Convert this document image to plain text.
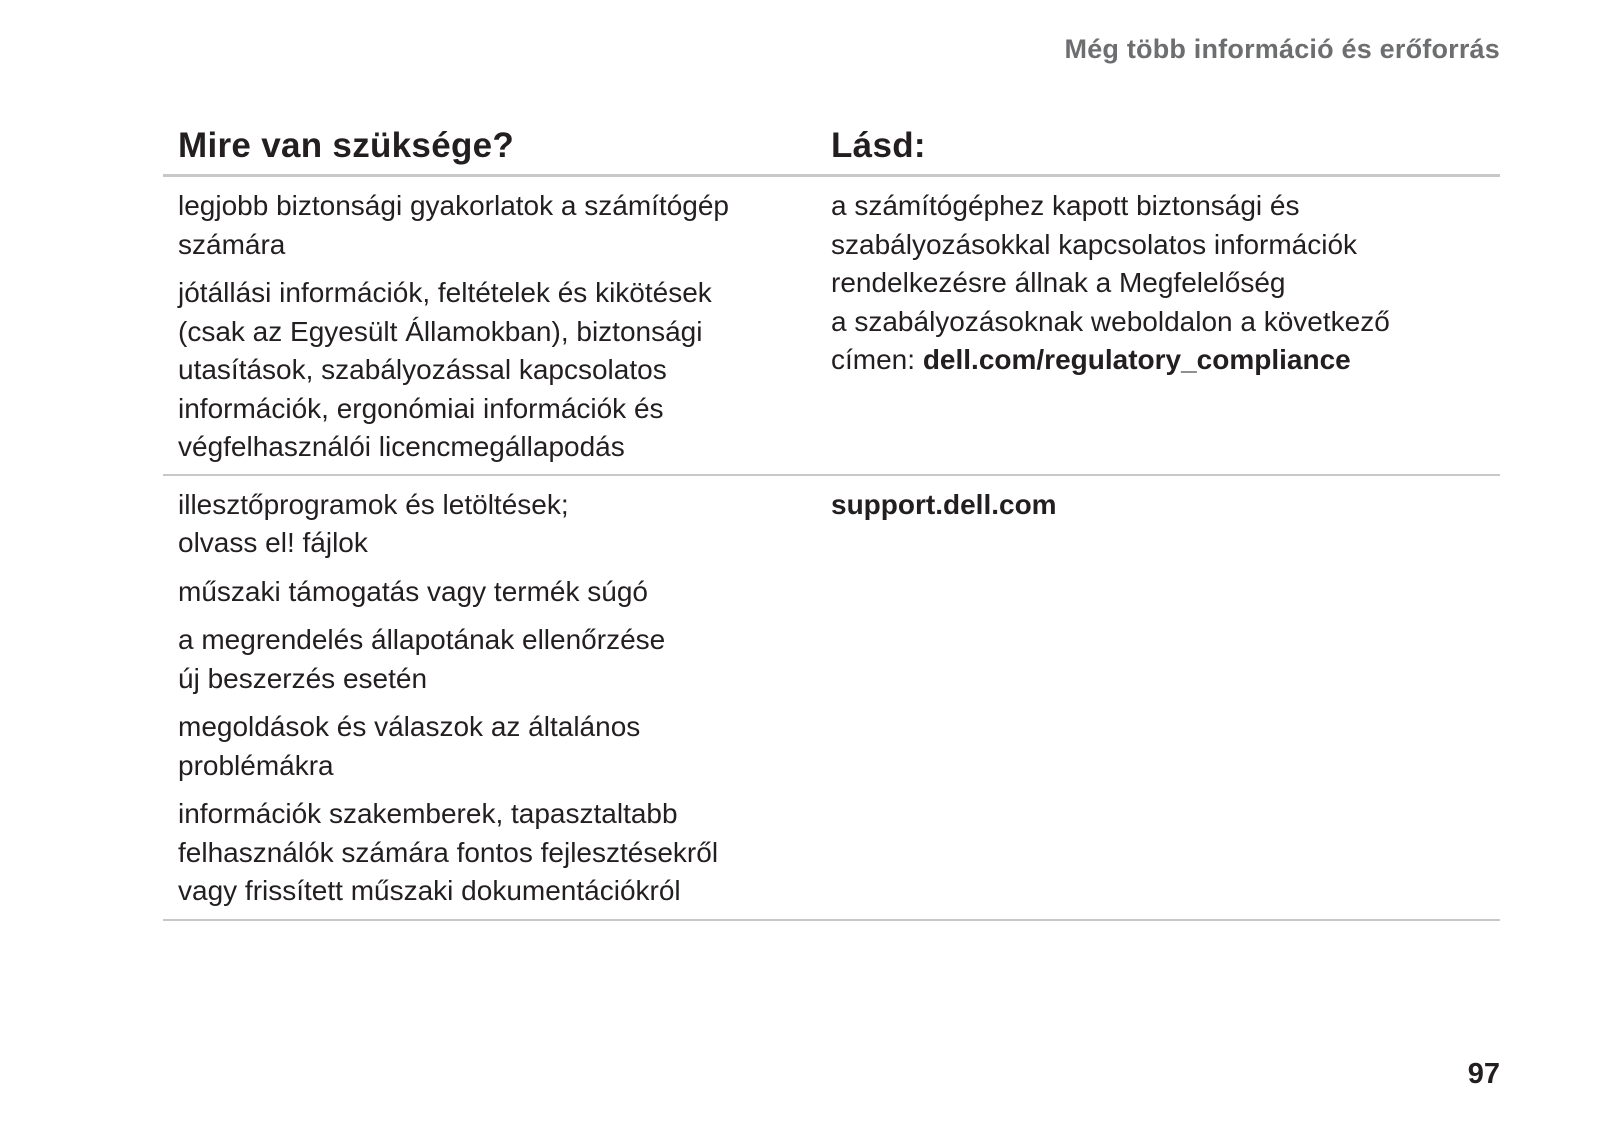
Még több információ és erőforrás
Mire van szüksége?	Lásd:

legjobb biztonsági gyakorlatok a számítógép
számára

jótállási információk, feltételek és kikötések
(csak az Egyesült Államokban), biztonsági
utasítások, szabályozással kapcsolatos
információk, ergonómiai információk és
végfelhasználói licencmegállapodás

a számítógéphez kapott biztonsági és
szabályozásokkal kapcsolatos információk
rendelkezésre állnak a Megfelelőség
a szabályozásoknak weboldalon a következő
címen: dell.com/regulatory_compliance

illesztőprogramok és letöltések;
olvass el! fájlok

műszaki támogatás vagy termék súgó

a megrendelés állapotának ellenőrzése
új beszerzés esetén

megoldások és válaszok az általános
problémákra

információk szakemberek, tapasztaltabb
felhasználók számára fontos fejlesztésekről
vagy frissített műszaki dokumentációkról

support.dell.com
97
